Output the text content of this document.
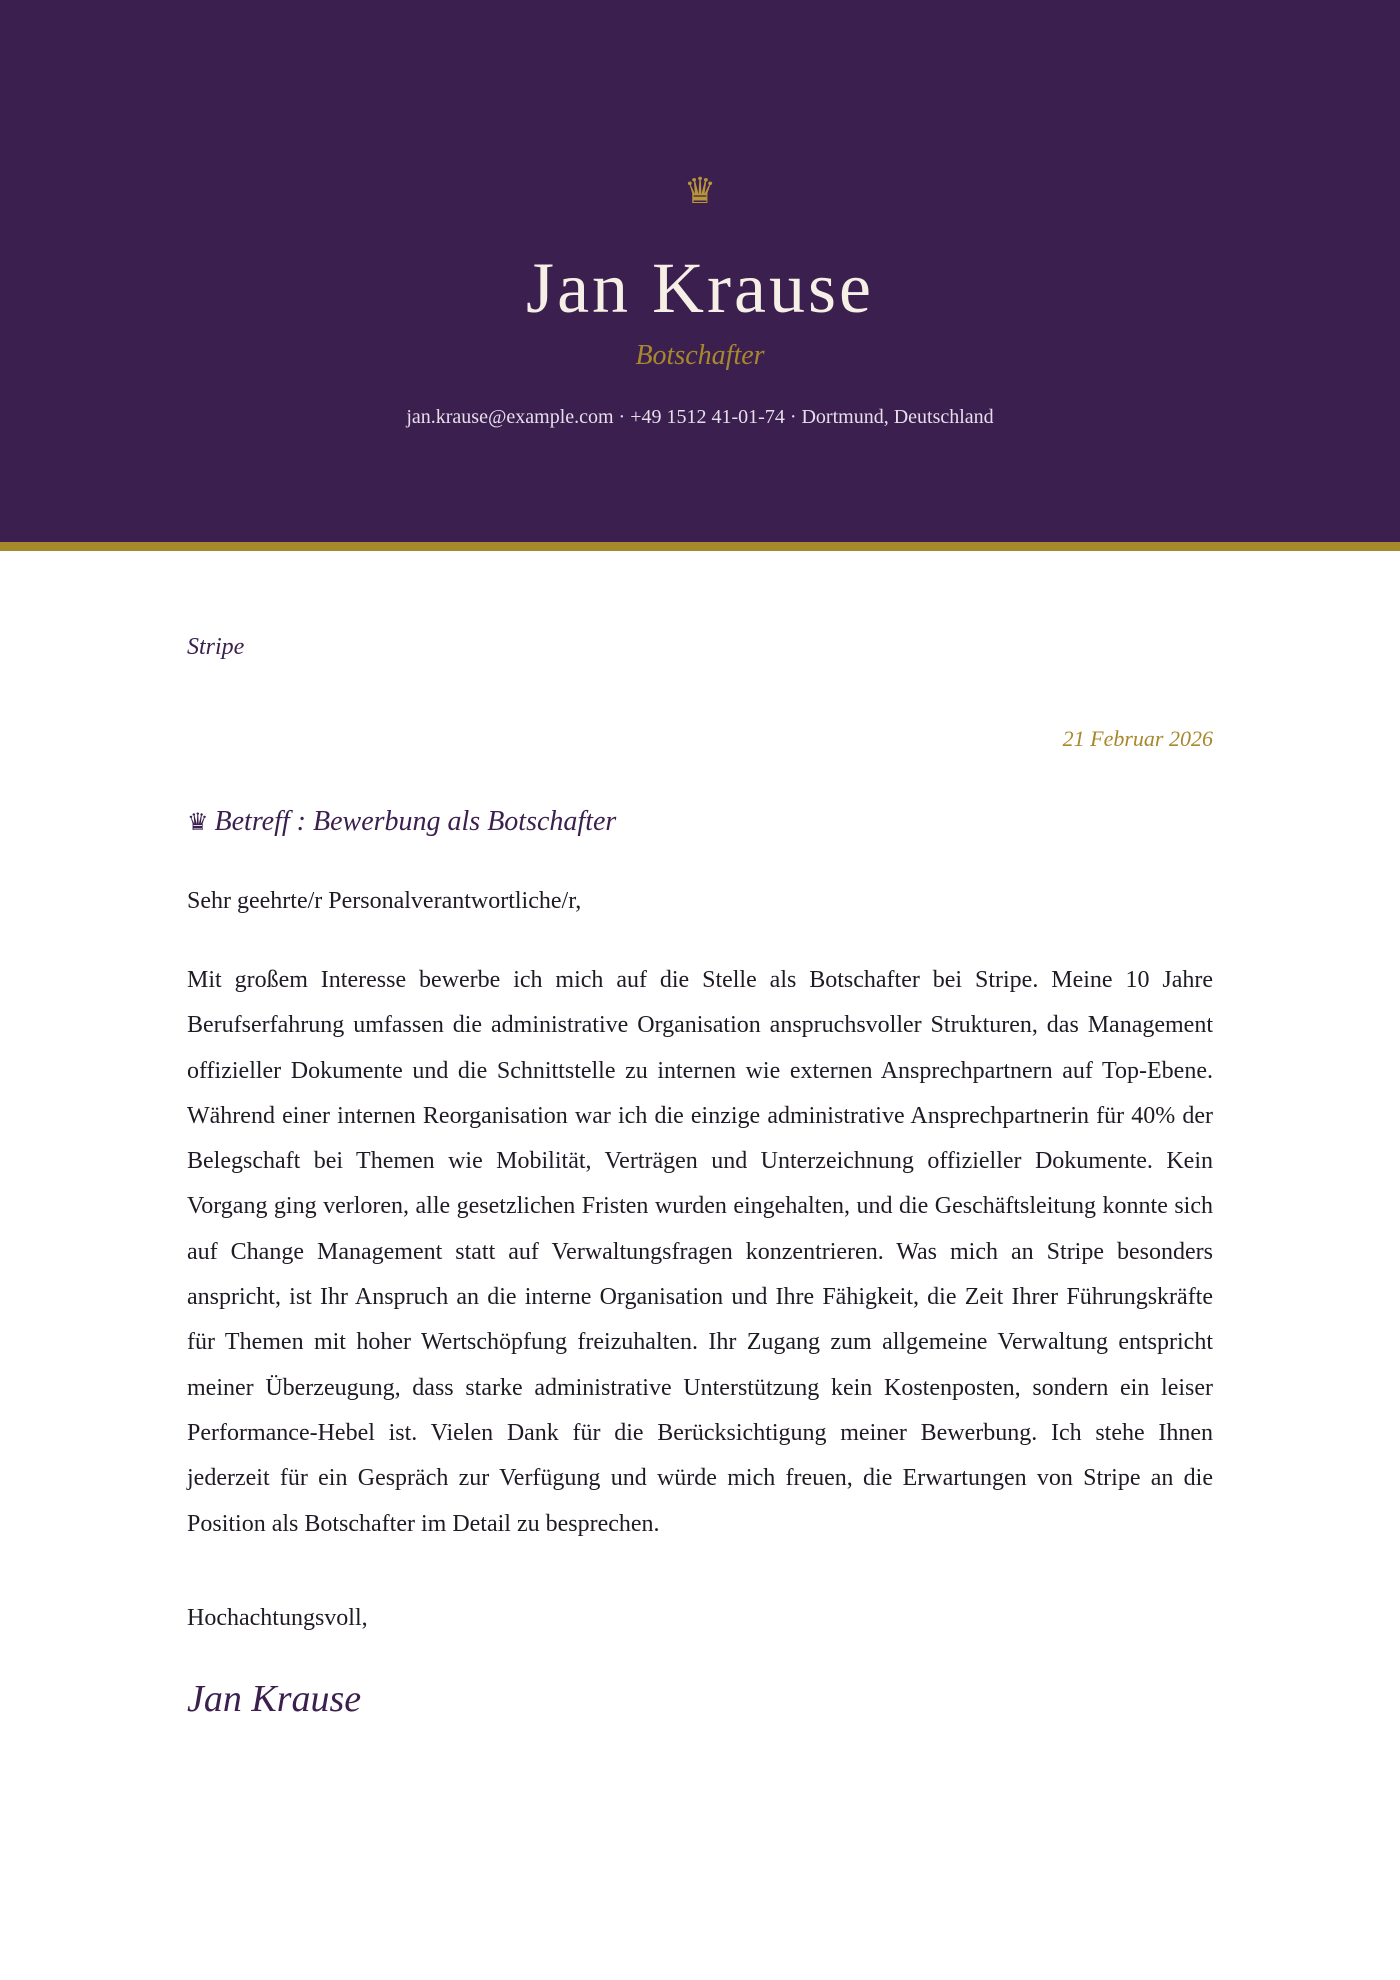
♛
Jan Krause
Botschafter
jan.krause@example.com · +49 1512 41-01-74 · Dortmund, Deutschland
Stripe
21 Februar 2026
♛ Betreff : Bewerbung als Botschafter
Sehr geehrte/r Personalverantwortliche/r,
Mit großem Interesse bewerbe ich mich auf die Stelle als Botschafter bei Stripe. Meine 10 Jahre Berufserfahrung umfassen die administrative Organisation anspruchsvoller Strukturen, das Management offizieller Dokumente und die Schnittstelle zu internen wie externen Ansprechpartnern auf Top-Ebene. Während einer internen Reorganisation war ich die einzige administrative Ansprechpartnerin für 40% der Belegschaft bei Themen wie Mobilität, Verträgen und Unterzeichnung offizieller Dokumente. Kein Vorgang ging verloren, alle gesetzlichen Fristen wurden eingehalten, und die Geschäftsleitung konnte sich auf Change Management statt auf Verwaltungsfragen konzentrieren. Was mich an Stripe besonders anspricht, ist Ihr Anspruch an die interne Organisation und Ihre Fähigkeit, die Zeit Ihrer Führungskräfte für Themen mit hoher Wertschöpfung freizuhalten. Ihr Zugang zum allgemeine Verwaltung entspricht meiner Überzeugung, dass starke administrative Unterstützung kein Kostenposten, sondern ein leiser Performance-Hebel ist. Vielen Dank für die Berücksichtigung meiner Bewerbung. Ich stehe Ihnen jederzeit für ein Gespräch zur Verfügung und würde mich freuen, die Erwartungen von Stripe an die Position als Botschafter im Detail zu besprechen.
Hochachtungsvoll,
Jan Krause
